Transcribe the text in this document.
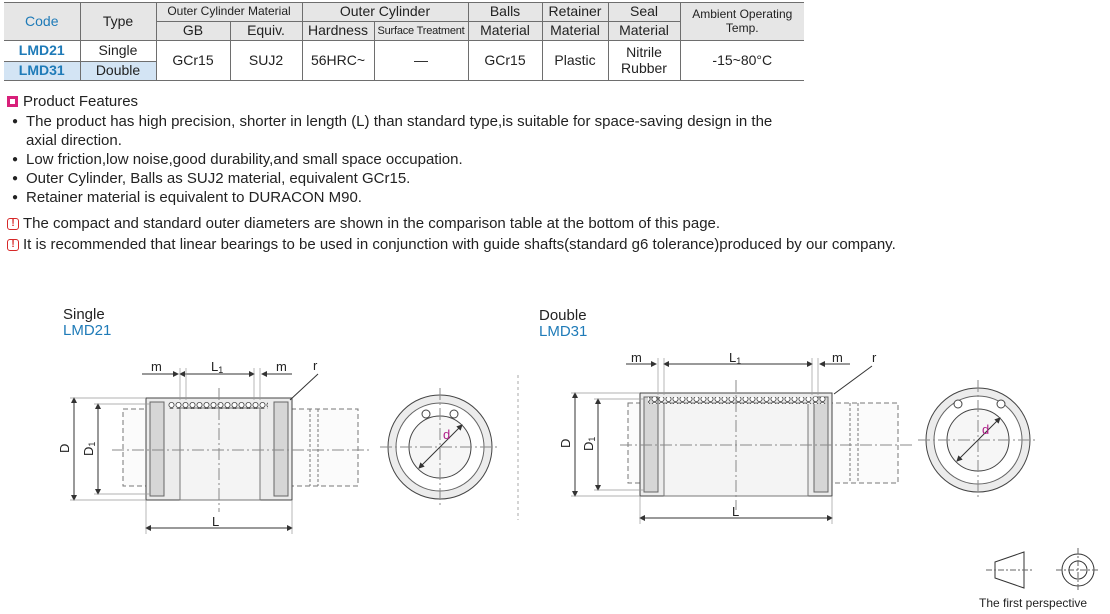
Code	Type	Outer Cylinder Material		Outer Cylinder		Balls	Retainer	Seal	Ambient Operating Temp.
		GB	Equiv.	Hardness	Surface Treatment	Material	Material	Material	
LMD21	Single	GCr15	SUJ2	56HRC~	—	GCr15	Plastic	Nitrile Rubber	-15~80°C
LMD31	Double								
Product Features
● The product has high precision, shorter in length (L) than standard type,is suitable for space-saving design in the axial direction.
● Low friction,low noise,good durability,and small space occupation.
● Outer Cylinder, Balls as SUJ2 material, equivalent GCr15.
● Retainer material is equivalent to DURACON M90.
! The compact and standard outer diameters are shown in the comparison table at the bottom of this page.
! It is recommended that linear bearings to be used in conjunction with guide shafts(standard g6 tolerance)produced by our company.
Single
LMD21
Double
LMD31
The first perspective
m	L1	m r
L
D D1
d
m	L1	m r
L
D D1
d
